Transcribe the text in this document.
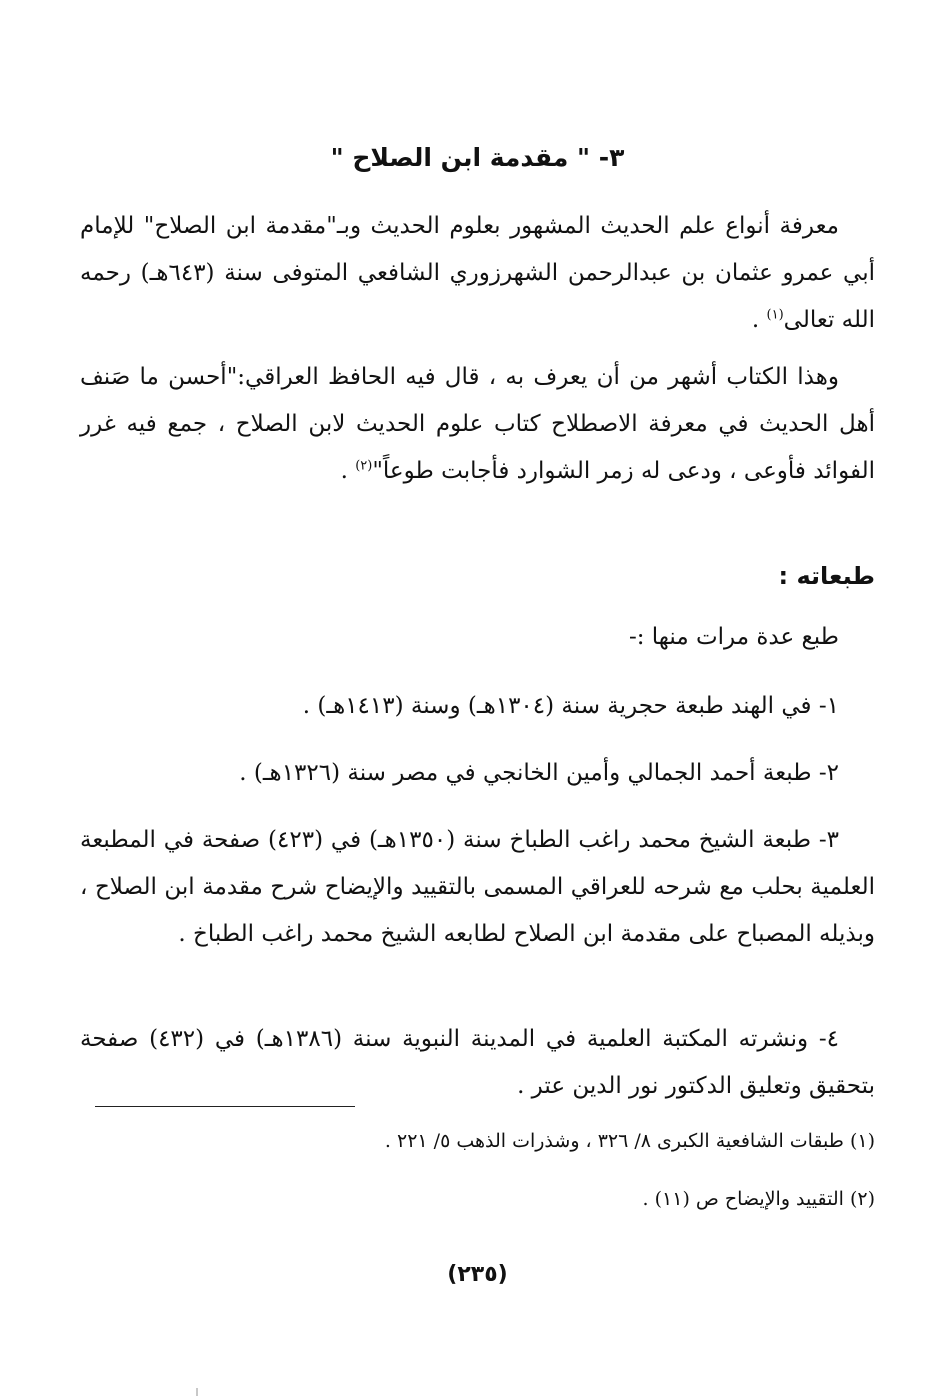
٣- " مقدمة ابن الصلاح "

معرفة أنواع علم الحديث المشهور بعلوم الحديث وبـ"مقدمة ابن الصلاح" للإمام أبي عمرو عثمان بن عبدالرحمن الشهرزوري الشافعي المتوفى سنة (٦٤٣هـ) رحمه الله تعالى$^{(١)}$ .

وهذا الكتاب أشهر من أن يعرف به ، قال فيه الحافظ العراقي:"أحسن ما صَنف أهل الحديث في معرفة الاصطلاح كتاب علوم الحديث لابن الصلاح ، جمع فيه غرر الفوائد فأوعى ، ودعى له زمر الشوارد فأجابت طوعاً"$^{(٢)}$ .

طبعاته :

طبع عدة مرات منها :-

١- في الهند طبعة حجرية سنة (١٣٠٤هـ) وسنة (١٤١٣هـ) .

٢- طبعة أحمد الجمالي وأمين الخانجي في مصر سنة (١٣٢٦هـ) .

٣- طبعة الشيخ محمد راغب الطباخ سنة (١٣٥٠هـ) في (٤٢٣) صفحة في المطبعة العلمية بحلب مع شرحه للعراقي المسمى بالتقييد والإيضاح شرح مقدمة ابن الصلاح ، وبذيله المصباح على مقدمة ابن الصلاح لطابعه الشيخ محمد راغب الطباخ .

٤- ونشرته المكتبة العلمية في المدينة النبوية سنة (١٣٨٦هـ) في (٤٣٢) صفحة بتحقيق وتعليق الدكتور نور الدين عتر .

(١) طبقات الشافعية الكبرى ٨/ ٣٢٦ ، وشذرات الذهب ٥/ ٢٢١ .
(٢) التقييد والإيضاح ص (١١) .
(٢٣٥)
